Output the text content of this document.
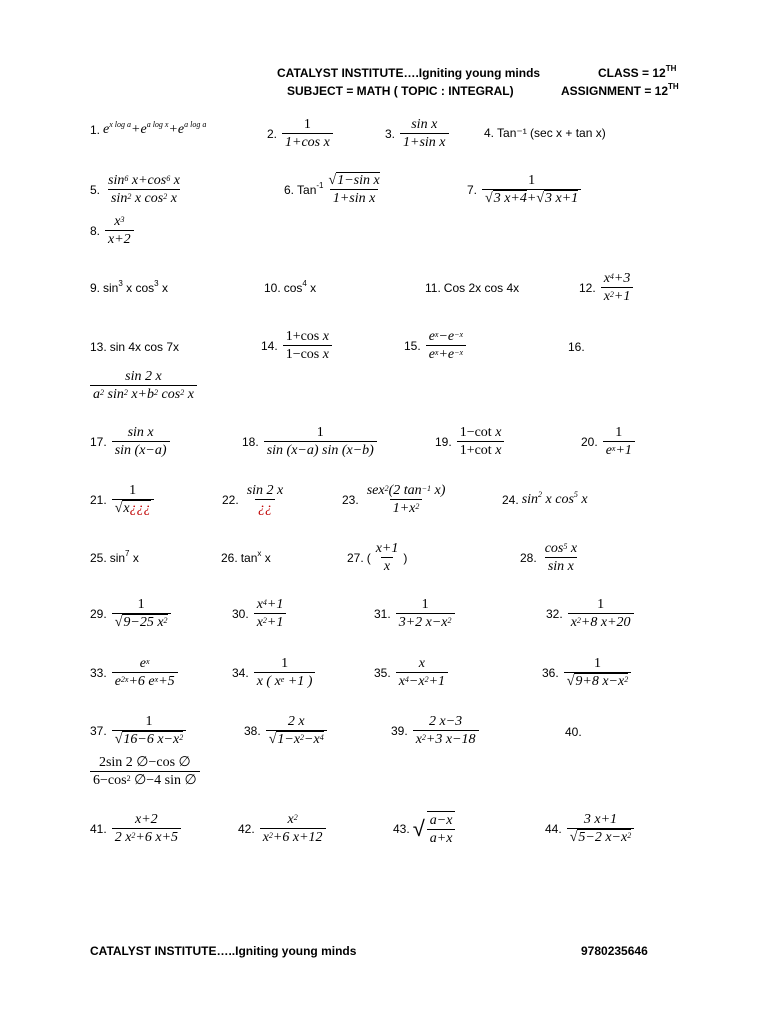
CATALYST INSTITUTE….Igniting young minds	CLASS = 12TH
SUBJECT = MATH ( TOPIC : INTEGRAL)	ASSIGNMENT = 12TH
1. $e^{x log a}+e^{a log x}+e^{a log a}$
2.
1
1+cos x
3.
sin x
1+sin x
4. Tan⁻¹ (sec x + tan x)
5.
$\sin^6 x+\cos^6$ x
$\sin^2 x$ $\cos^2 x$
6. Tan$^{-1}$ √1−sin x
1+sin x
7.
1
√3 x+4+√3 x+1
8.
$x^3$
x+2
9. $\sin^3 x$ $\cos^3 x$	10. $\cos^4 x$	11. Cos 2x cos 4x	12.
$x^4+3$
$x^2+1$
13. sin 4x cos 7x	14.
1+cos x
1−cos x
15.
$e^x-e^{-x}$
$e^x+e^{-x}$	16.
sin 2 x
$a^2$ $\sin^2 x+b^2$ $\cos^2 x$
17.
sin x
sin (x−a)
18.
1
sin (x−a) sin (x−b)
19.
1−cot x
1+cot x
20.
1
$e^x+1$
21.
1
√x¿¿¿
22.
sin 2 x
¿¿
23.
sex$^2$(2 $\tan^{-1} x$)
$1+x^2$	24. $\sin^2 x$ $\cos^5 x$
25. $\sin^7 x$	26. $\tan^x x$	27. (
x+1
x
)	28.
$\cos^5 x$
sin x
29.
1
√9−25 $x^2$	30.
$x^4+1$
$x^2+1$
31.
1
3+2 $x-x^2$	32.
1
$x^2+8$ x+20
33.
$e^x$
$e^{2x}+6$ $e^x+5$
34.
1
x ( $x^e +1$ )
35.
x
$x^4-x^2+1$
36.
1
√9+8 $x-x^2$
37.
1
√16−6 $x-x^2$	38.
2 x
$√1-x^2-x^4$	39.
2 x−3
$x^2+3$ x−18	40.
2sin 2 ∅−cos ∅
$6-\cos^2$ ∅−4 sin ∅
41.
x+2
2 $x^2+6$ x+5
42.
$x^2$
$x^2+6$ x+12
43. √ a−x
a+x
44.
3 x+1
√5−2 $x-x^2$
CATALYST INSTITUTE…..Igniting young minds	9780235646
